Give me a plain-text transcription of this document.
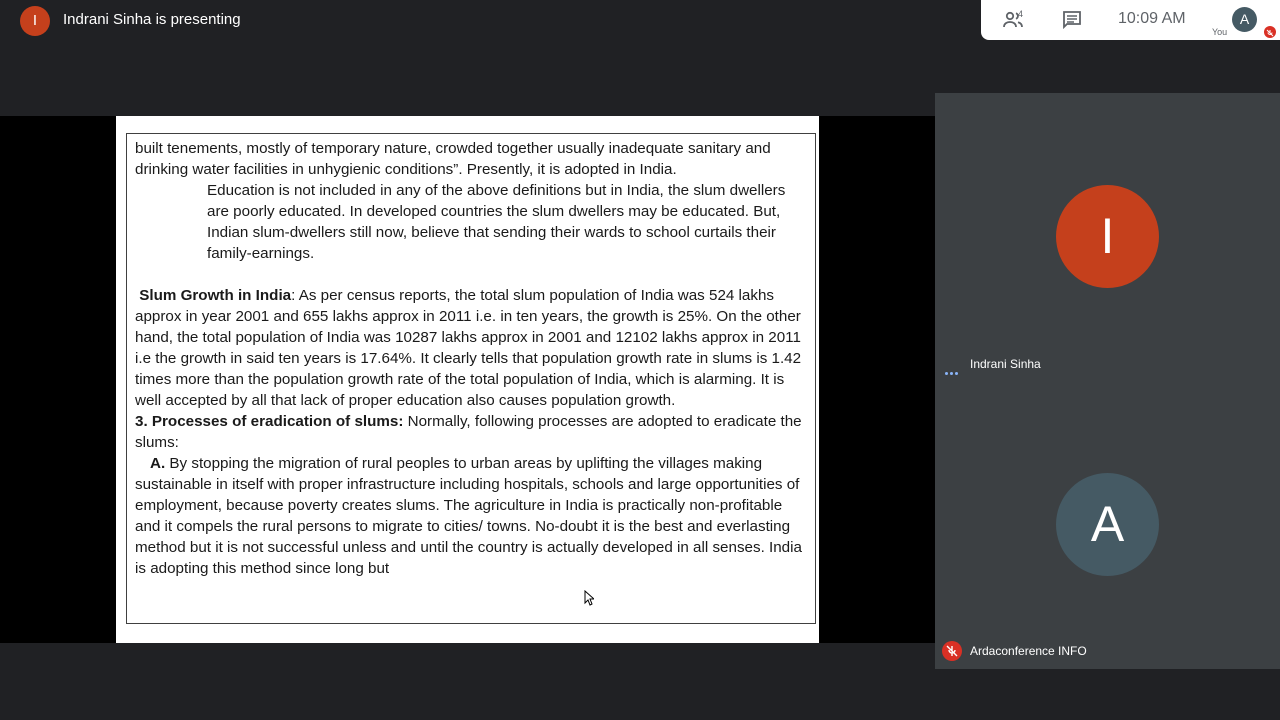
I	Indrani Sinha is presenting	4	10:09 AM
You
A

built tenements, mostly of temporary nature, crowded together usually inadequate sanitary and drinking water facilities in unhygienic conditions”. Presently, it is adopted in India.

Education is not included in any of the above definitions but in India, the slum dwellers are poorly educated. In developed countries the slum dwellers may be educated. But, Indian slum-dwellers still now, believe that sending their wards to school curtails their family-earnings.

Slum Growth in India: As per census reports, the total slum population of India was 524 lakhs approx in year 2001 and 655 lakhs approx in 2011 i.e. in ten years, the growth is 25%. On the other hand, the total population of India was 10287 lakhs approx in 2001 and 12102 lakhs approx in 2011 i.e the growth in said ten years is 17.64%. It clearly tells that population growth rate in slums is 1.42 times more than the population growth rate of the total population of India, which is alarming. It is well accepted by all that lack of proper education also causes population growth.

3. Processes of eradication of slums: Normally, following processes are adopted to eradicate the slums:

A. By stopping the migration of rural peoples to urban areas by uplifting the villages making sustainable in itself with proper infrastructure including hospitals, schools and large opportunities of employment, because poverty creates slums. The agriculture in India is practically non-profitable and it compels the rural persons to migrate to cities/ towns. No-doubt it is the best and everlasting method but it is not successful unless and until the country is actually developed in all senses. India is adopting this method since long but

I
Indrani Sinha
A
Ardaconference INFO
